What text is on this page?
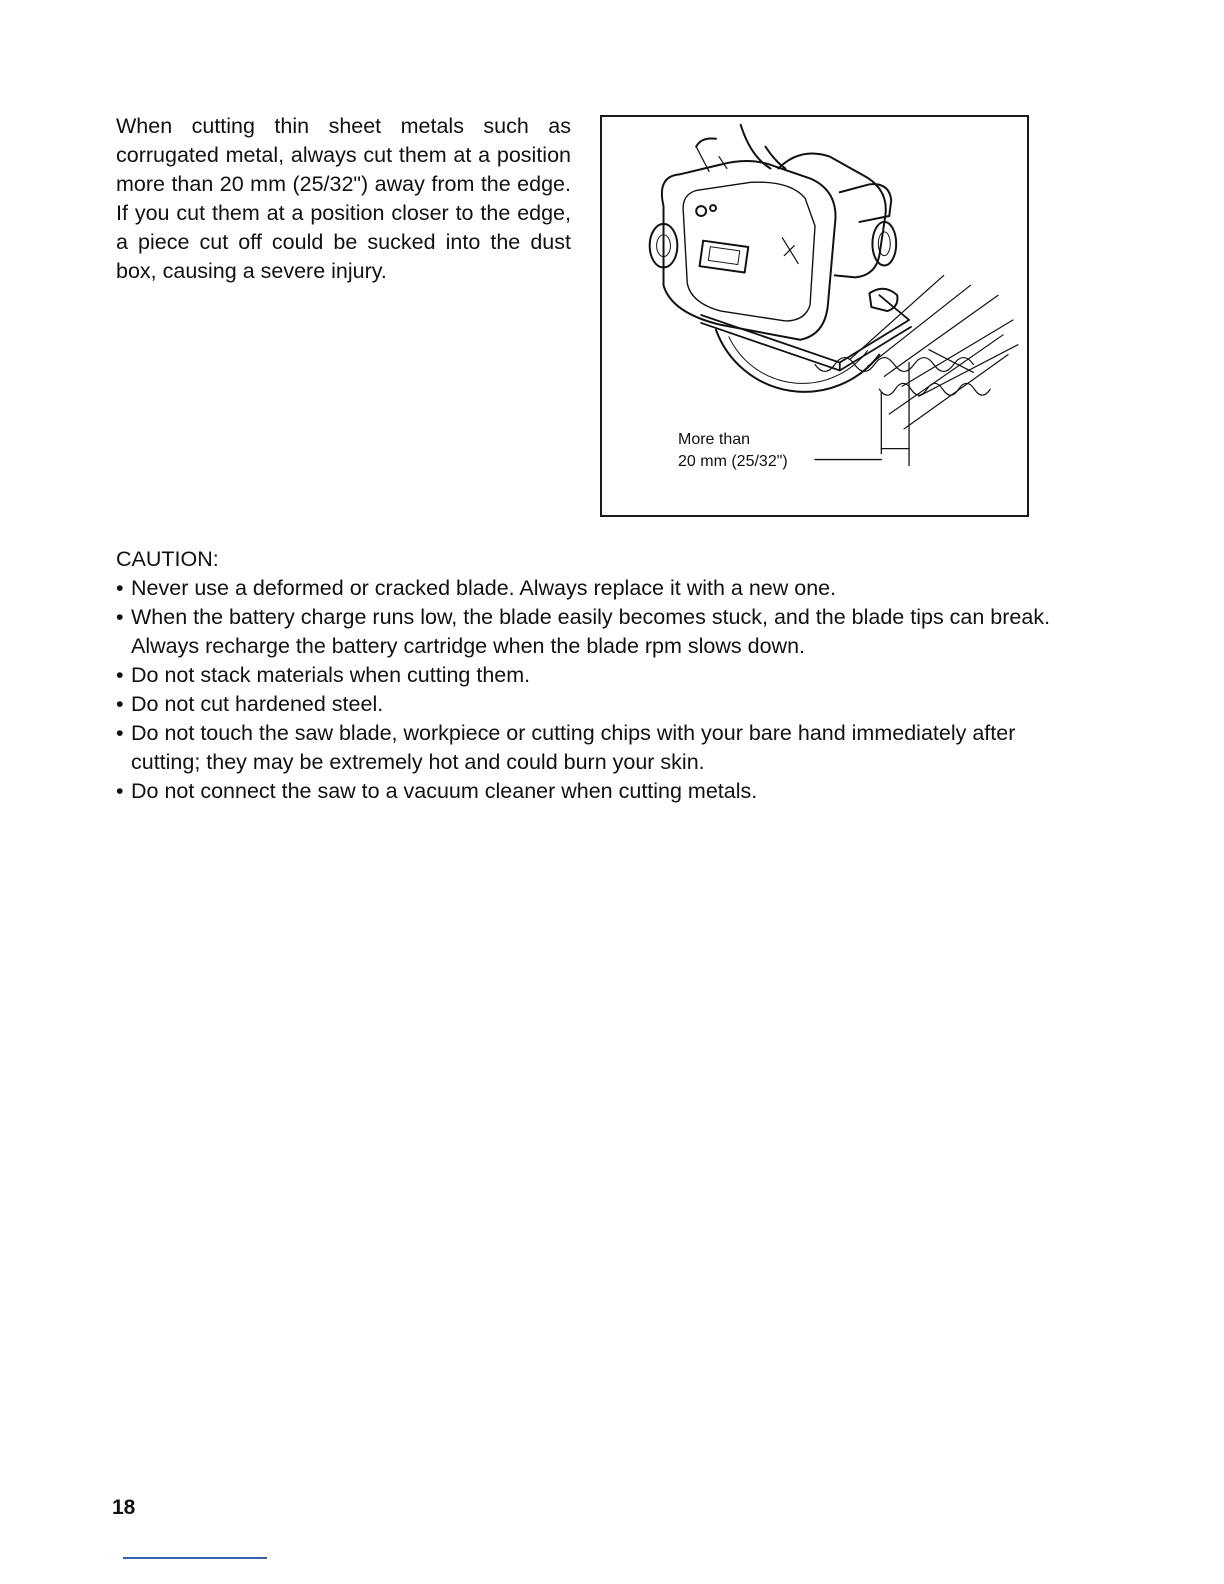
When cutting thin sheet metals such as corrugated metal, always cut them at a position more than 20 mm (25/32") away from the edge. If you cut them at a position closer to the edge, a piece cut off could be sucked into the dust box, causing a severe injury.

More than
20 mm (25/32")

CAUTION:

• Never use a deformed or cracked blade. Always replace it with a new one.
• When the battery charge runs low, the blade easily becomes stuck, and the blade tips can break. Always recharge the battery cartridge when the blade rpm slows down.
• Do not stack materials when cutting them.
• Do not cut hardened steel.
• Do not touch the saw blade, workpiece or cutting chips with your bare hand immediately after cutting; they may be extremely hot and could burn your skin.
• Do not connect the saw to a vacuum cleaner when cutting metals.
18
